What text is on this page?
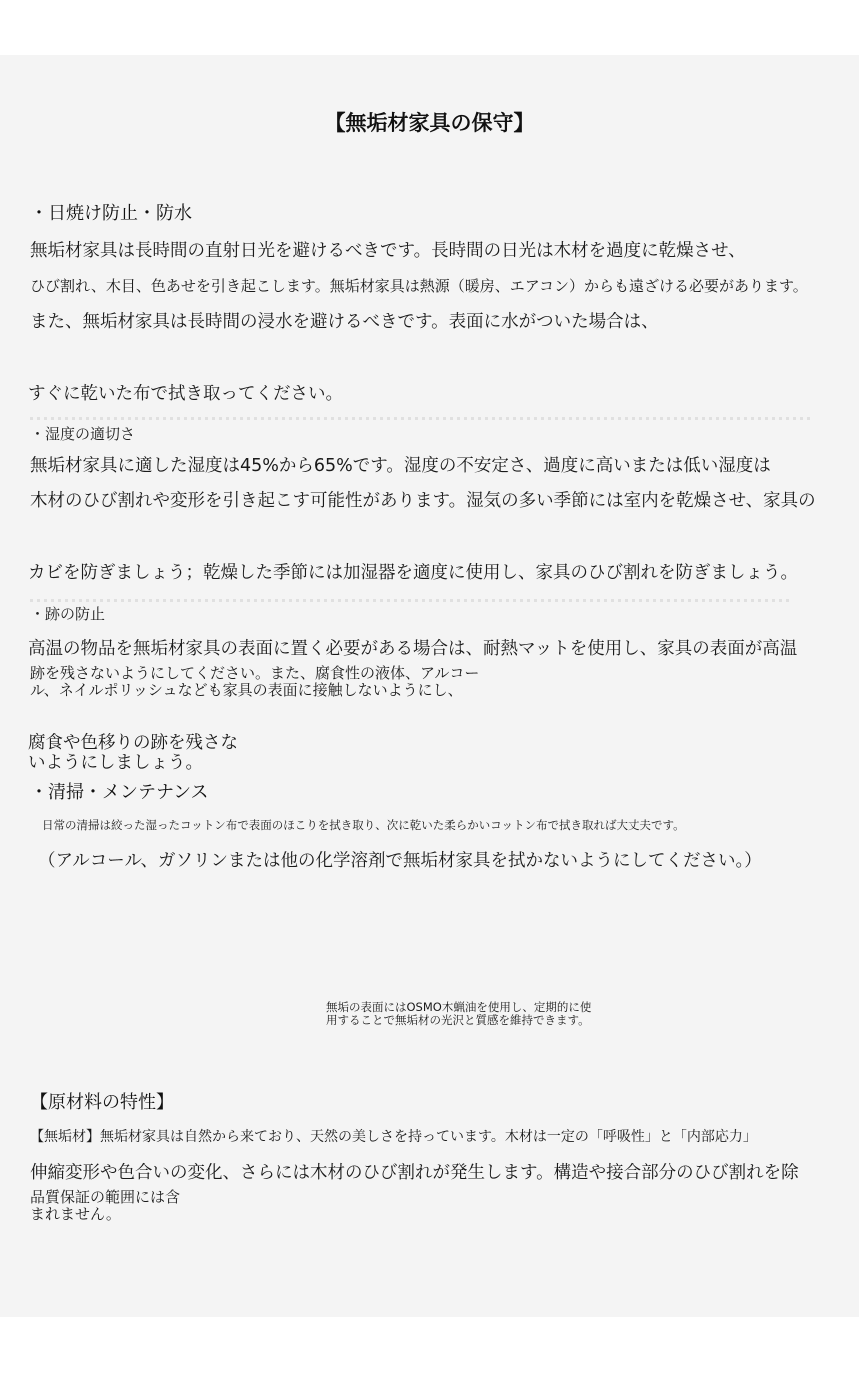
【無垢材家具の保守】

・日焼け防止・防水

無垢材家具は長時間の直射日光を避けるべきです。長時間の日光は木材を過度に乾燥させ、

ひび割れ、木目、色あせを引き起こします。無垢材家具は熱源（暖房、エアコン）からも遠ざける必要があります。

また、無垢材家具は長時間の浸水を避けるべきです。表面に水がついた場合は、

すぐに乾いた布で拭き取ってください。

・湿度の適切さ

無垢材家具に適した湿度は45%から65%です。湿度の不安定さ、過度に高いまたは低い湿度は

木材のひび割れや変形を引き起こす可能性があります。湿気の多い季節には室内を乾燥させ、家具の

カビを防ぎましょう；乾燥した季節には加湿器を適度に使用し、家具のひび割れを防ぎましょう。

・跡の防止

高温の物品を無垢材家具の表面に置く必要がある場合は、耐熱マットを使用し、家具の表面が高温

跡を残さないようにしてください。また、腐食性の液体、アルコー
ル、ネイルポリッシュなども家具の表面に接触しないようにし、

腐食や色移りの跡を残さな
いようにしましょう。

・清掃・メンテナンス

日常の清掃は絞った湿ったコットン布で表面のほこりを拭き取り、次に乾いた柔らかいコットン布で拭き取れば大丈夫です。

（アルコール、ガソリンまたは他の化学溶剤で無垢材家具を拭かないようにしてください。）

無垢の表面にはOSMO木蝋油を使用し、定期的に使
用することで無垢材の光沢と質感を維持できます。

【原材料の特性】

【無垢材】無垢材家具は自然から来ており、天然の美しさを持っています。木材は一定の「呼吸性」と「内部応力」

伸縮変形や色合いの変化、さらには木材のひび割れが発生します。構造や接合部分のひび割れを除

品質保証の範囲には含
まれません。
